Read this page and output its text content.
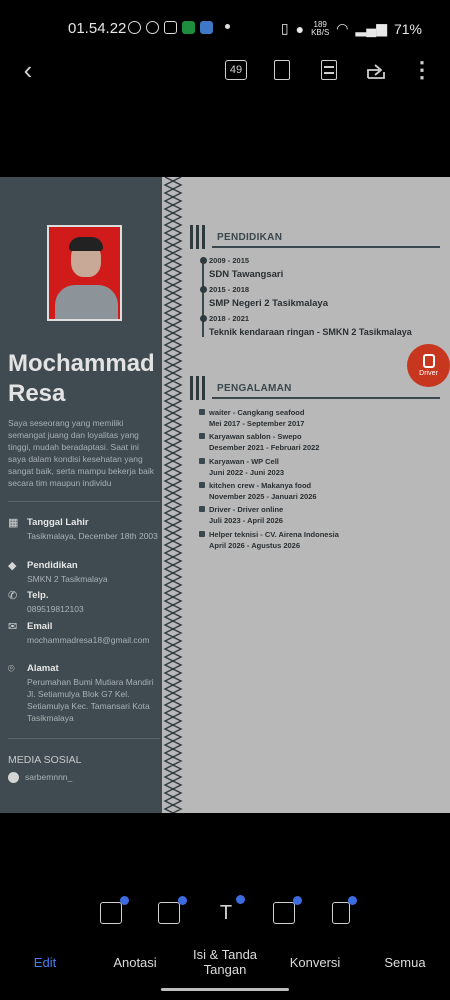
01.54.22	▯ ●	189
KB/S ◠ ▂▄▆ 71%
‹	49	⋮
Mochammad Resa
Saya seseorang yang memiliki semangat juang dan loyalitas yang tinggi, mudah beradaptasi. Saat ini saya dalam kondisi kesehatan yang sangat baik, serta mampu bekerja baik secara tim maupun individu
▦ Tanggal Lahir
Tasikmalaya, December 18th 2003
◆ Pendidikan
SMKN 2 Tasikmalaya
✆ Telp.
089519812103
✉ Email
mochammadresa18@gmail.com
⌾	Alamat
Perumahan Bumi Mutiara Mandiri Jl. Setiamulya Blok G7 Kel. Setiamulya Kec. Tamansari Kota Tasikmalaya
MEDIA SOSIAL
sarbemnnn_
PENDIDIKAN
2009 - 2015
SDN Tawangsari
2015 - 2018
SMP Negeri 2 Tasikmalaya
2018 - 2021
Teknik kendaraan ringan - SMKN 2 Tasikmalaya
PENGALAMAN
waiter - Cangkang seafood
Mei 2017 - September 2017
Karyawan sablon - Swepo
Desember 2021 - Februari 2022
Karyawan - WP Cell
Juni 2022 - Juni 2023
kitchen crew - Makanya food
November 2025 - Januari 2026
Driver - Driver online
Juli 2023 - April 2026
Helper teknisi - CV. Airena Indonesia
April 2026 - Agustus 2026
Driver
T
Edit	Anotasi	Isi & Tanda Tangan	Konversi	Semua
